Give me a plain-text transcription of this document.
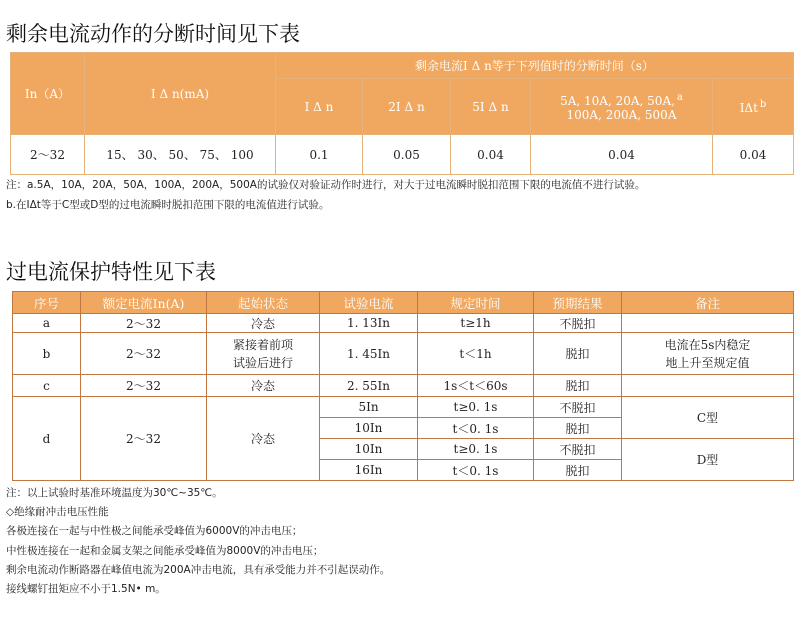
剩余电流动作的分断时间见下表
In（A）	I Δ n(mA)	剩余电流I Δ n等于下列值时的分断时间（s）				
		I Δ n	2I Δ n	5I Δ n	5A, 10A, 20A, 50A, $^a$
100A, 200A, 500A	IΔt $^b$
2～32	15、 30、 50、 75、 100	0.1	0.05	0.04	0.04	0.04
注：a.5A，10A，20A，50A，100A，200A，500A的试验仅对验证动作时进行，对大于过电流瞬时脱扣范围下限的电流值不进行试验。
b.在IΔt等于C型或D型的过电流瞬时脱扣范围下限的电流值进行试验。
过电流保护特性见下表
序号	额定电流In(A)	起始状态	试验电流	规定时间	预期结果	备注
a	2～32	冷态	1. 13In	t≥1h	不脱扣	
b	2～32	紧接着前项
试验后进行	1. 45In	t＜1h	脱扣	电流在5s内稳定
地上升至规定值
c	2～32	冷态	2. 55In	1s＜t＜60s	脱扣	
d	2～32	冷态	5In	t≥0. 1s	不脱扣	C型
			10In	t＜0. 1s	脱扣	
			10In	t≥0. 1s	不脱扣	D型
			16In	t＜0. 1s	脱扣	
注：以上试验时基准环境温度为30℃~35℃。
◇绝缘耐冲击电压性能
各极连接在一起与中性极之间能承受峰值为6000V的冲击电压；
中性极连接在一起和金属支架之间能承受峰值为8000V的冲击电压；
剩余电流动作断路器在峰值电流为200A冲击电流，具有承受能力并不引起误动作。
接线螺钉扭矩应不小于1.5N• m。
